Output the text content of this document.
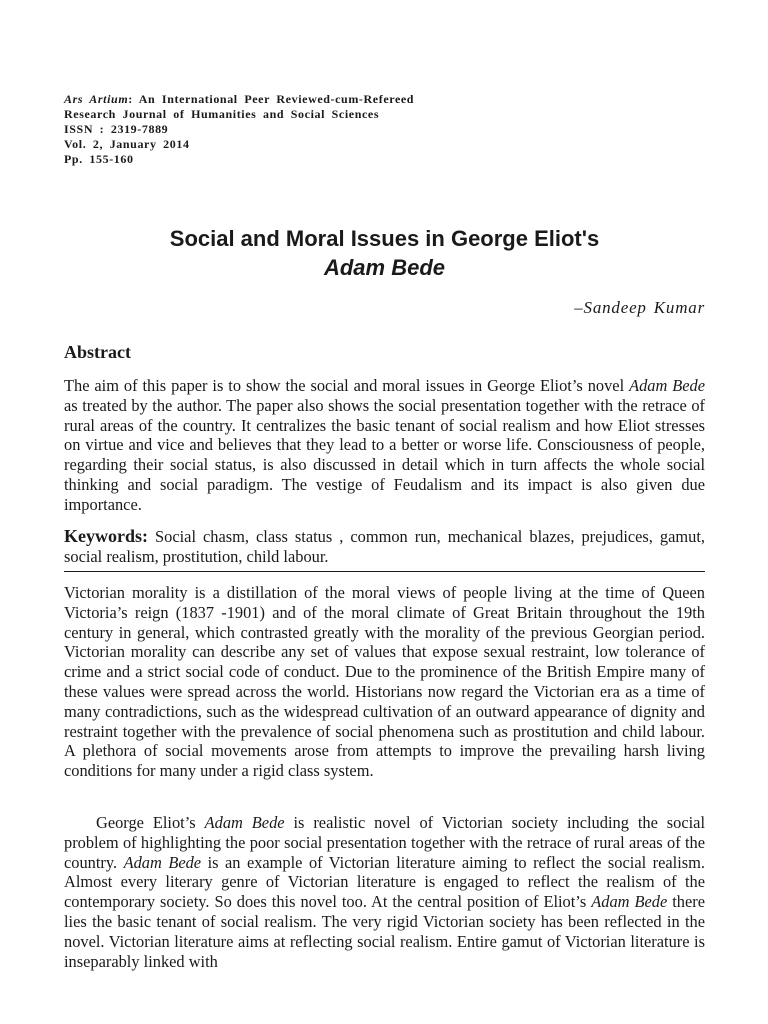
Ars Artium: An International Peer Reviewed-cum-Refereed
Research Journal of Humanities and Social Sciences
ISSN : 2319-7889
Vol. 2, January 2014
Pp. 155-160
Social and Moral Issues in George Eliot's
Adam Bede
–Sandeep Kumar
Abstract
The aim of this paper is to show the social and moral issues in George Eliot’s novel Adam Bede as treated by the author. The paper also shows the social presentation together with the retrace of rural areas of the country. It centralizes the basic tenant of social realism and how Eliot stresses on virtue and vice and believes that they lead to a better or worse life. Consciousness of people, regarding their social status, is also discussed in detail which in turn affects the whole social thinking and social paradigm. The vestige of Feudalism and its impact is also given due importance.
Keywords: Social chasm, class status , common run, mechanical blazes, prejudices, gamut, social realism, prostitution, child labour.
Victorian morality is a distillation of the moral views of people living at the time of Queen Victoria’s reign (1837 -1901) and of the moral climate of Great Britain throughout the 19th century in general, which contrasted greatly with the morality of the previous Georgian period. Victorian morality can describe any set of values that expose sexual restraint, low tolerance of crime and a strict social code of conduct. Due to the prominence of the British Empire many of these values were spread across the world. Historians now regard the Victorian era as a time of many contradictions, such as the widespread cultivation of an outward appearance of dignity and restraint together with the prevalence of social phenomena such as prostitution and child labour. A plethora of social movements arose from attempts to improve the prevailing harsh living conditions for many under a rigid class system.
George Eliot’s Adam Bede is realistic novel of Victorian society including the social problem of highlighting the poor social presentation together with the retrace of rural areas of the country. Adam Bede is an example of Victorian literature aiming to reflect the social realism. Almost every literary genre of Victorian literature is engaged to reflect the realism of the contemporary society. So does this novel too. At the central position of Eliot’s Adam Bede there lies the basic tenant of social realism. The very rigid Victorian society has been reflected in the novel. Victorian literature aims at reflecting social realism. Entire gamut of Victorian literature is inseparably linked with
